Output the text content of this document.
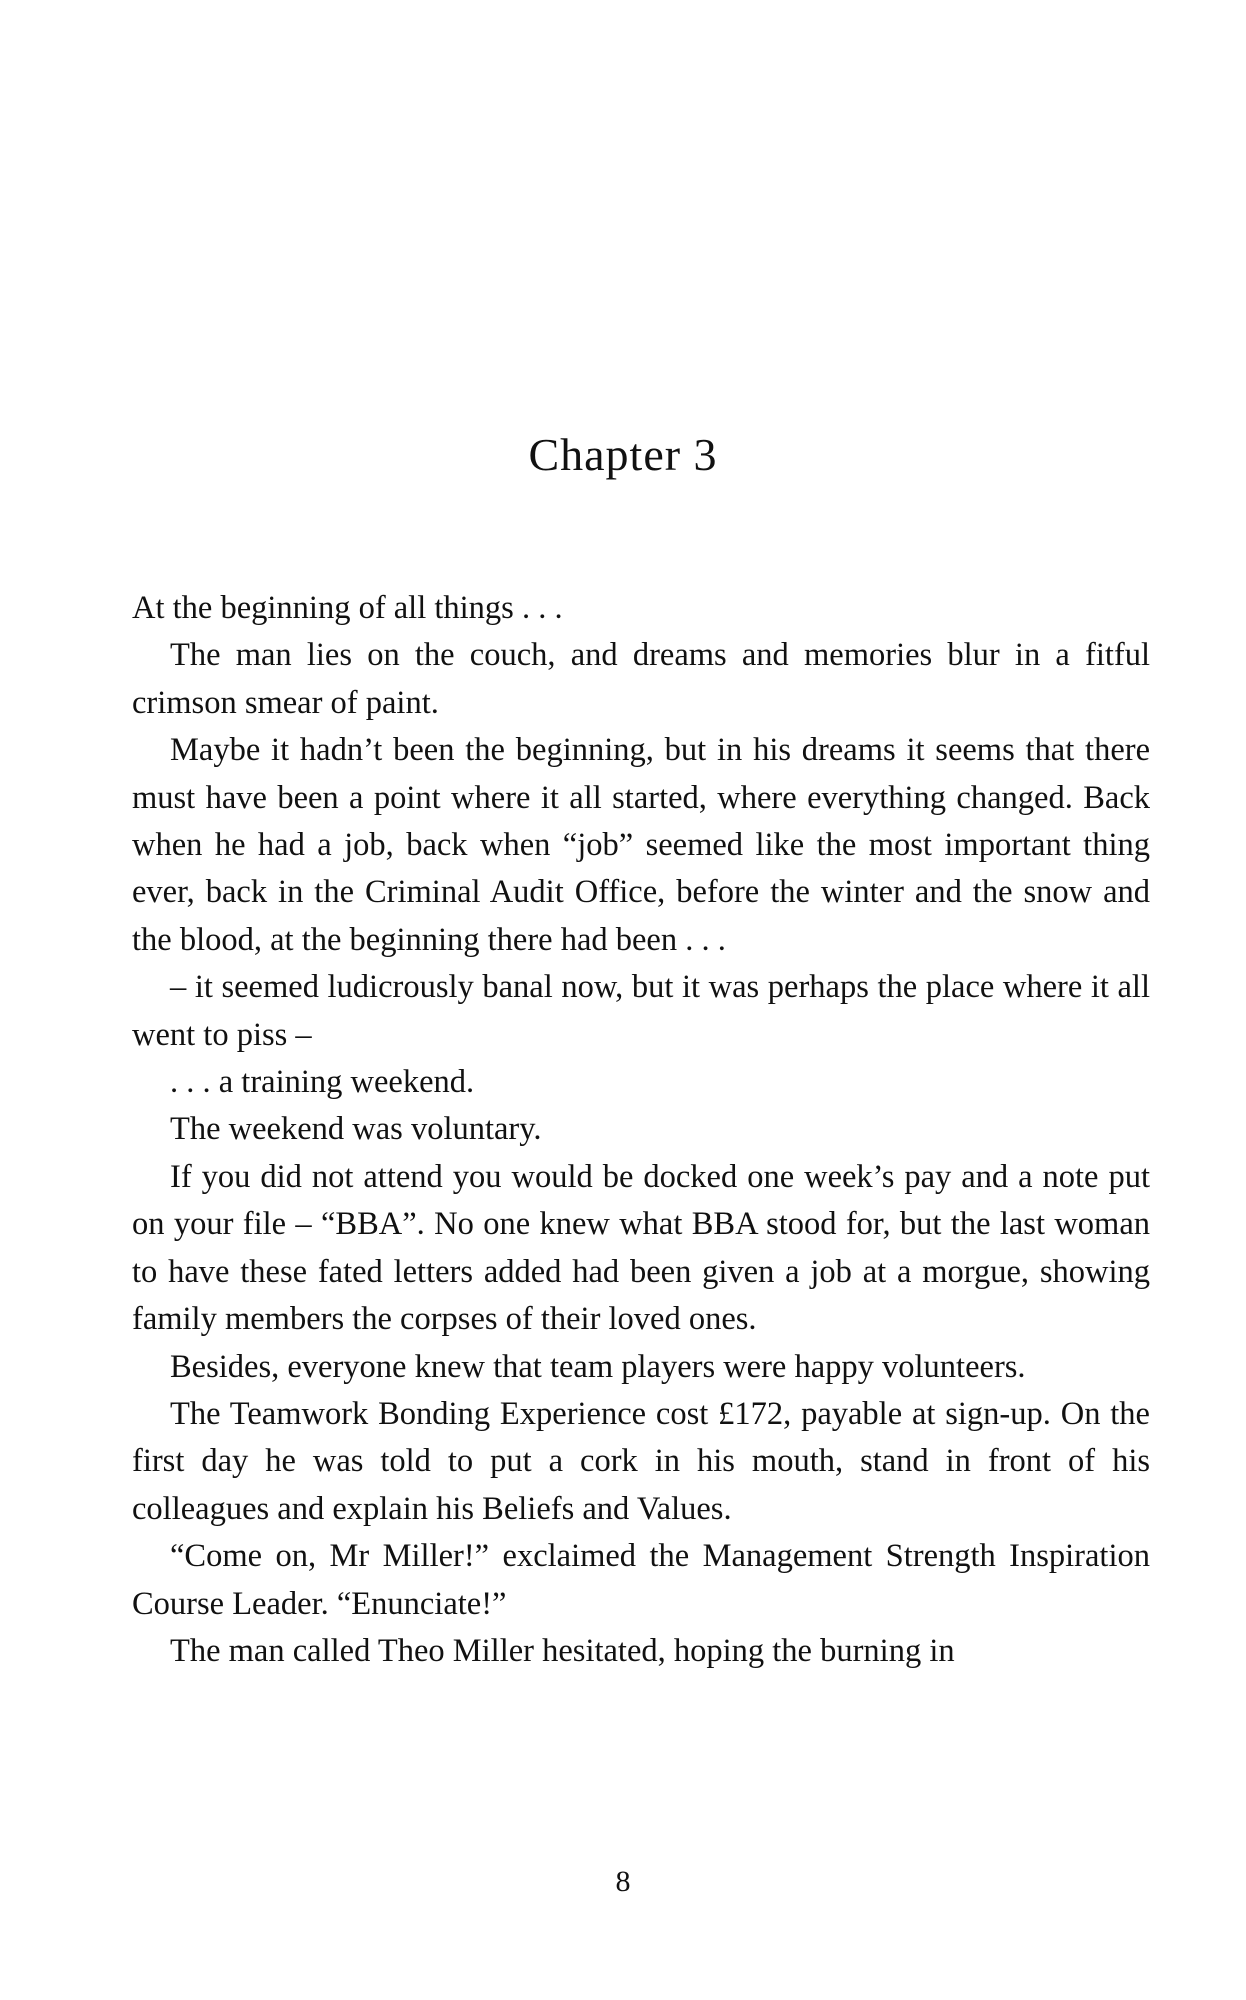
Chapter 3

At the beginning of all things . . .

The man lies on the couch, and dreams and memories blur in a fitful crimson smear of paint.

Maybe it hadn’t been the beginning, but in his dreams it seems that there must have been a point where it all started, where everything changed. Back when he had a job, back when “job” seemed like the most important thing ever, back in the Criminal Audit Office, before the winter and the snow and the blood, at the beginning there had been . . .

– it seemed ludicrously banal now, but it was perhaps the place where it all went to piss –

. . . a training weekend.

The weekend was voluntary.

If you did not attend you would be docked one week’s pay and a note put on your file – “BBA”. No one knew what BBA stood for, but the last woman to have these fated letters added had been given a job at a morgue, showing family members the corpses of their loved ones.

Besides, everyone knew that team players were happy volunteers.

The Teamwork Bonding Experience cost £172, payable at sign-up. On the first day he was told to put a cork in his mouth, stand in front of his colleagues and explain his Beliefs and Values.

“Come on, Mr Miller!” exclaimed the Management Strength Inspiration Course Leader. “Enunciate!”

The man called Theo Miller hesitated, hoping the burning in

8
